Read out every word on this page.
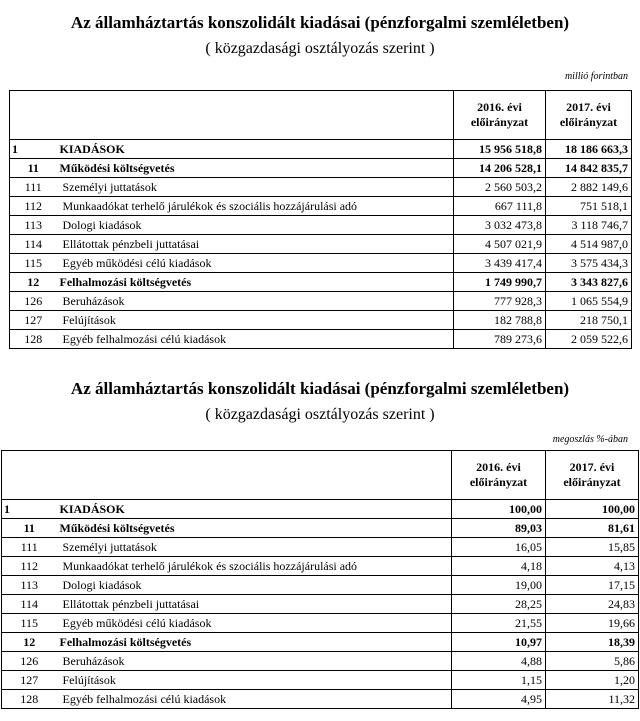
Az államháztartás konszolidált kiadásai (pénzforgalmi szemléletben)
( közgazdasági osztályozás szerint )
millió forintban
		2016. évi előirányzat	2017. évi előirányzat
1	KIADÁSOK	15 956 518,8	18 186 663,3
11	Működési költségvetés	14 206 528,1	14 842 835,7
111	Személyi juttatások	2 560 503,2	2 882 149,6
112	Munkaadókat terhelő járulékok és szociális hozzájárulási adó	667 111,8	751 518,1
113	Dologi kiadások	3 032 473,8	3 118 746,7
114	Ellátottak pénzbeli juttatásai	4 507 021,9	4 514 987,0
115	Egyéb működési célú kiadások	3 439 417,4	3 575 434,3
12	Felhalmozási költségvetés	1 749 990,7	3 343 827,6
126	Beruházások	777 928,3	1 065 554,9
127	Felújítások	182 788,8	218 750,1
128	Egyéb felhalmozási célú kiadások	789 273,6	2 059 522,6
Az államháztartás konszolidált kiadásai (pénzforgalmi szemléletben)
( közgazdasági osztályozás szerint )
megoszlás %-ában
		2016. évi előirányzat	2017. évi előirányzat
1	KIADÁSOK	100,00	100,00
11	Működési költségvetés	89,03	81,61
111	Személyi juttatások	16,05	15,85
112	Munkaadókat terhelő járulékok és szociális hozzájárulási adó	4,18	4,13
113	Dologi kiadások	19,00	17,15
114	Ellátottak pénzbeli juttatásai	28,25	24,83
115	Egyéb működési célú kiadások	21,55	19,66
12	Felhalmozási költségvetés	10,97	18,39
126	Beruházások	4,88	5,86
127	Felújítások	1,15	1,20
128	Egyéb felhalmozási célú kiadások	4,95	11,32
